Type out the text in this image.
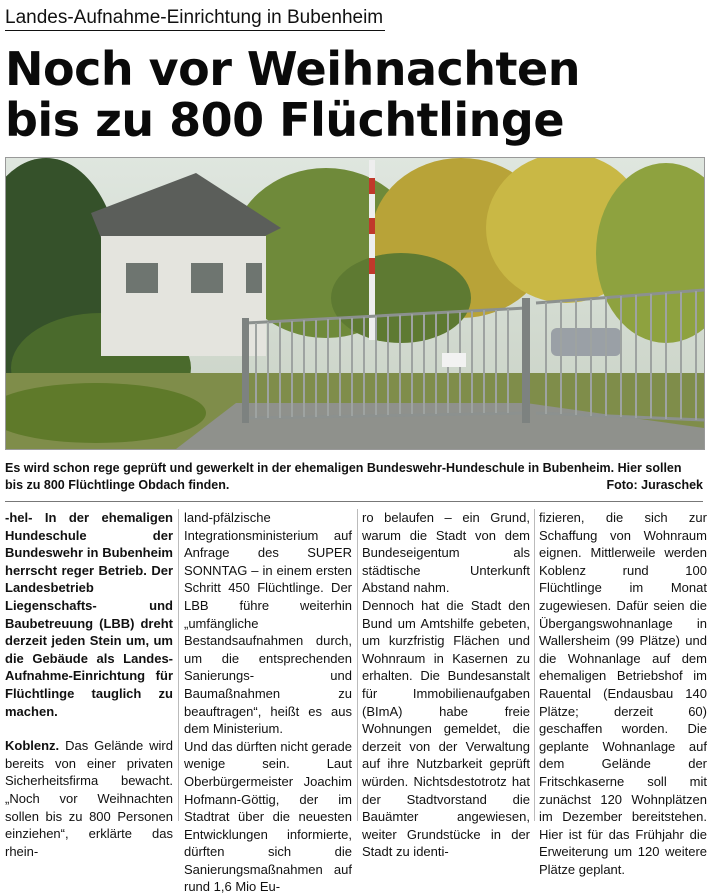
Landes-Aufnahme-Einrichtung in Bubenheim
Noch vor Weihnachten
bis zu 800 Flüchtlinge
Es wird schon rege geprüft und gewerkelt in der ehemaligen Bundeswehr-Hundeschule in Bubenheim. Hier sollen bis zu 800 Flüchtlinge Obdach finden.	Foto: Juraschek

-hel- In der ehemaligen Hundeschule der Bundeswehr in Bubenheim herrscht reger Betrieb. Der Landesbetrieb Liegenschafts- und Baubetreuung (LBB) dreht derzeit jeden Stein um, um die Gebäude als Landes-Aufnahme-Einrichtung für Flüchtlinge tauglich zu machen.

Koblenz. Das Gelände wird bereits von einer privaten Sicherheitsfirma bewacht. „Noch vor Weihnachten sollen bis zu 800 Personen einziehen“, erklärte das rhein-

land-pfälzische Integrationsministerium auf Anfrage des SUPER SONNTAG – in einem ersten Schritt 450 Flüchtlinge. Der LBB führe weiterhin „umfängliche Bestandsaufnahmen durch, um die entsprechenden Sanierungs- und Baumaßnahmen zu beauftragen“, heißt es aus dem Ministerium.

Und das dürften nicht gerade wenige sein. Laut Oberbürgermeister Joachim Hofmann-Göttig, der im Stadtrat über die neuesten Entwicklungen informierte, dürften sich die Sanierungsmaßnahmen auf rund 1,6 Mio Eu-

ro belaufen – ein Grund, warum die Stadt von dem Bundeseigentum als städtische Unterkunft Abstand nahm.

Dennoch hat die Stadt den Bund um Amtshilfe gebeten, um kurzfristig Flächen und Wohnraum in Kasernen zu erhalten. Die Bundesanstalt für Immobilienaufgaben (BImA) habe freie Wohnungen gemeldet, die derzeit von der Verwaltung auf ihre Nutzbarkeit geprüft würden. Nichtsdestotrotz hat der Stadtvorstand die Bauämter angewiesen, weiter Grundstücke in der Stadt zu identi-

fizieren, die sich zur Schaffung von Wohnraum eignen. Mittlerweile werden Koblenz rund 100 Flüchtlinge im Monat zugewiesen. Dafür seien die Übergangswohnanlage in Wallersheim (99 Plätze) und die Wohnanlage auf dem ehemaligen Betriebshof im Rauental (Endausbau 140 Plätze; derzeit 60) geschaffen worden. Die geplante Wohnanlage auf dem Gelände der Fritschkaserne soll mit zunächst 120 Wohnplätzen im Dezember bereitstehen. Hier ist für das Frühjahr die Erweiterung um 120 weitere Plätze geplant.
